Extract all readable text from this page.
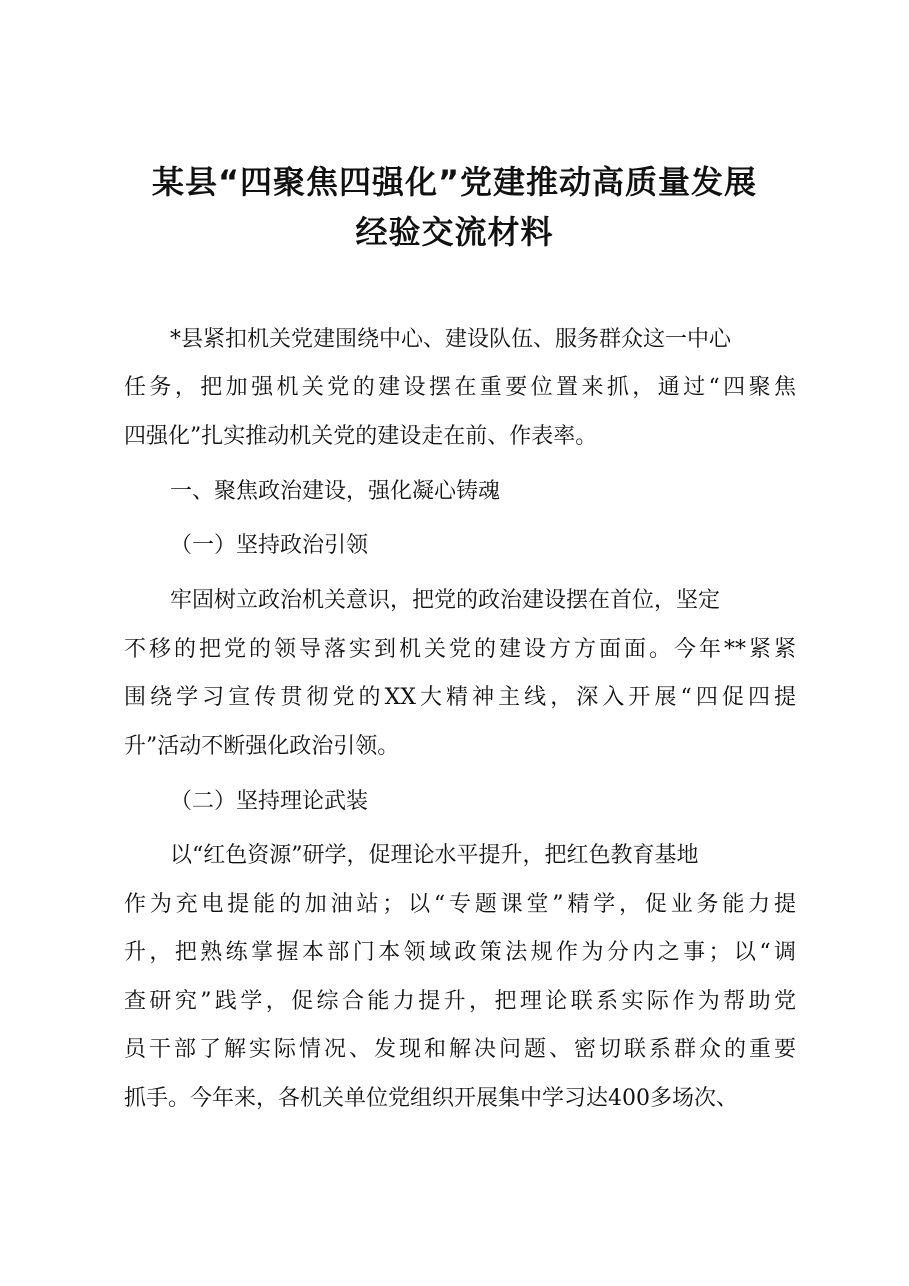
某县“四聚焦四强化”党建推动高质量发展
经验交流材料
*县紧扣机关党建围绕中心、建设队伍、服务群众这一中心
任务，把加强机关党的建设摆在重要位置来抓，通过“四聚焦
四强化”扎实推动机关党的建设走在前、作表率。
一、聚焦政治建设，强化凝心铸魂
（一）坚持政治引领
牢固树立政治机关意识，把党的政治建设摆在首位，坚定
不移的把党的领导落实到机关党的建设方方面面。今年**紧紧
围绕学习宣传贯彻党的XX大精神主线，深入开展“四促四提
升”活动不断强化政治引领。
（二）坚持理论武装
以“红色资源”研学，促理论水平提升，把红色教育基地
作为充电提能的加油站；以“专题课堂”精学，促业务能力提
升，把熟练掌握本部门本领域政策法规作为分内之事；以“调
查研究”践学，促综合能力提升，把理论联系实际作为帮助党
员干部了解实际情况、发现和解决问题、密切联系群众的重要
抓手。今年来，各机关单位党组织开展集中学习达400多场次、
